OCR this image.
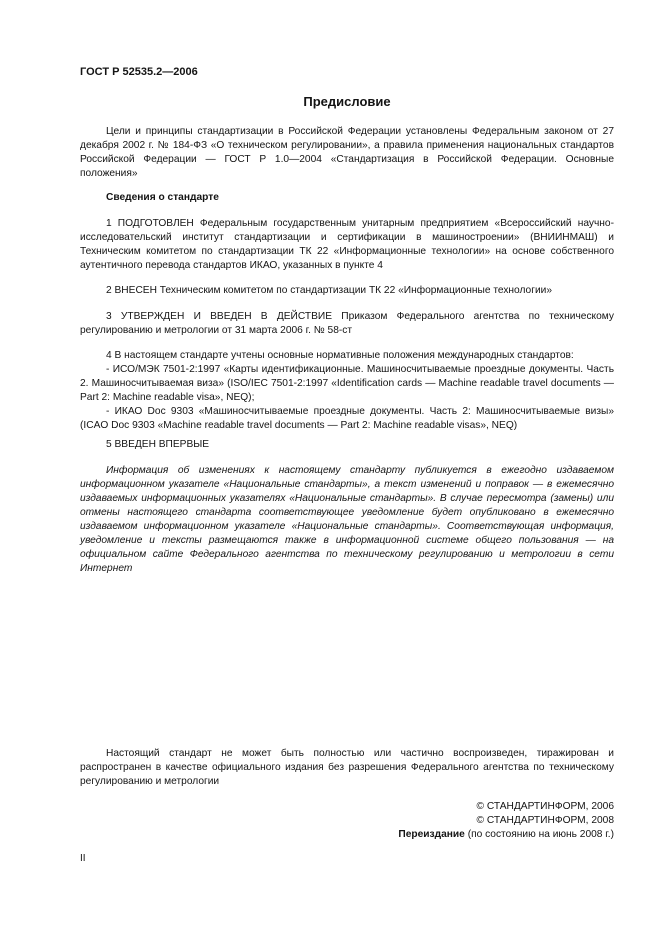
ГОСТ Р 52535.2—2006
Предисловие

Цели и принципы стандартизации в Российской Федерации установлены Федеральным законом от 27 декабря 2002 г. № 184-ФЗ «О техническом регулировании», а правила применения национальных стандартов Российской Федерации — ГОСТ Р 1.0—2004 «Стандартизация в Российской Федерации. Основные положения»

Сведения о стандарте

1 ПОДГОТОВЛЕН Федеральным государственным унитарным предприятием «Всероссийский научно-исследовательский институт стандартизации и сертификации в машиностроении» (ВНИИНМАШ) и Техническим комитетом по стандартизации ТК 22 «Информационные технологии» на основе собственного аутентичного перевода стандартов ИКАО, указанных в пункте 4

2 ВНЕСЕН Техническим комитетом по стандартизации ТК 22 «Информационные технологии»

3 УТВЕРЖДЕН И ВВЕДЕН В ДЕЙСТВИЕ Приказом Федерального агентства по техническому регулированию и метрологии от 31 марта 2006 г. № 58-ст

4 В настоящем стандарте учтены основные нормативные положения международных стандартов:

- ИСО/МЭК 7501-2:1997 «Карты идентификационные. Машиносчитываемые проездные документы. Часть 2. Машиносчитываемая виза» (ISO/IEC 7501-2:1997 «Identification cards — Machine readable travel documents — Part 2: Machine readable visa», NEQ);

- ИКАО Doc 9303 «Машиносчитываемые проездные документы. Часть 2: Машиносчитываемые визы» (ICAO Doc 9303 «Machine readable travel documents — Part 2: Machine readable visas», NEQ)

5 ВВЕДЕН ВПЕРВЫЕ

Информация об изменениях к настоящему стандарту публикуется в ежегодно издаваемом информационном указателе «Национальные стандарты», а текст изменений и поправок — в ежемесячно издаваемых информационных указателях «Национальные стандарты». В случае пересмотра (замены) или отмены настоящего стандарта соответствующее уведомление будет опубликовано в ежемесячно издаваемом информационном указателе «Национальные стандарты». Соответствующая информация, уведомление и тексты размещаются также в информационной системе общего пользования — на официальном сайте Федерального агентства по техническому регулированию и метрологии в сети Интернет

Настоящий стандарт не может быть полностью или частично воспроизведен, тиражирован и распространен в качестве официального издания без разрешения Федерального агентства по техническому регулированию и метрологии

© СТАНДАРТИНФОРМ, 2006
© СТАНДАРТИНФОРМ, 2008
Переиздание (по состоянию на июнь 2008 г.)
II
